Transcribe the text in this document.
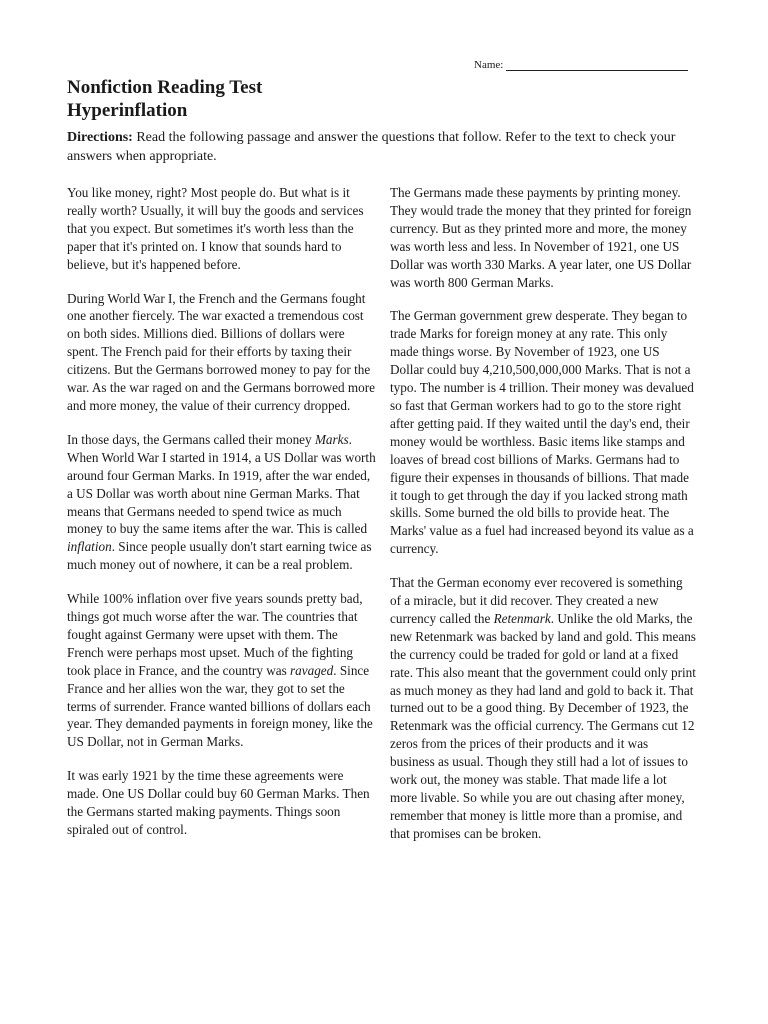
Name:
Nonfiction Reading Test
Hyperinflation

Directions: Read the following passage and answer the questions that follow. Refer to the text to check your answers when appropriate.

You like money, right? Most people do. But what is it really worth? Usually, it will buy the goods and services that you expect. But sometimes it's worth less than the paper that it's printed on. I know that sounds hard to believe, but it's happened before.

During World War I, the French and the Germans fought one another fiercely. The war exacted a tremendous cost on both sides. Millions died. Billions of dollars were spent. The French paid for their efforts by taxing their citizens. But the Germans borrowed money to pay for the war. As the war raged on and the Germans borrowed more and more money, the value of their currency dropped.

In those days, the Germans called their money Marks. When World War I started in 1914, a US Dollar was worth around four German Marks. In 1919, after the war ended, a US Dollar was worth about nine German Marks. That means that Germans needed to spend twice as much money to buy the same items after the war. This is called inflation. Since people usually don't start earning twice as much money out of nowhere, it can be a real problem.

While 100% inflation over five years sounds pretty bad, things got much worse after the war. The countries that fought against Germany were upset with them. The French were perhaps most upset. Much of the fighting took place in France, and the country was ravaged. Since France and her allies won the war, they got to set the terms of surrender. France wanted billions of dollars each year. They demanded payments in foreign money, like the US Dollar, not in German Marks.

It was early 1921 by the time these agreements were made. One US Dollar could buy 60 German Marks. Then the Germans started making payments. Things soon spiraled out of control.

The Germans made these payments by printing money. They would trade the money that they printed for foreign currency. But as they printed more and more, the money was worth less and less. In November of 1921, one US Dollar was worth 330 Marks. A year later, one US Dollar was worth 800 German Marks.

The German government grew desperate. They began to trade Marks for foreign money at any rate. This only made things worse. By November of 1923, one US Dollar could buy 4,210,500,000,000 Marks. That is not a typo. The number is 4 trillion. Their money was devalued so fast that German workers had to go to the store right after getting paid. If they waited until the day's end, their money would be worthless. Basic items like stamps and loaves of bread cost billions of Marks. Germans had to figure their expenses in thousands of billions. That made it tough to get through the day if you lacked strong math skills. Some burned the old bills to provide heat. The Marks' value as a fuel had increased beyond its value as a currency.

That the German economy ever recovered is something of a miracle, but it did recover. They created a new currency called the Retenmark. Unlike the old Marks, the new Retenmark was backed by land and gold. This means the currency could be traded for gold or land at a fixed rate. This also meant that the government could only print as much money as they had land and gold to back it. That turned out to be a good thing. By December of 1923, the Retenmark was the official currency. The Germans cut 12 zeros from the prices of their products and it was business as usual. Though they still had a lot of issues to work out, the money was stable. That made life a lot more livable. So while you are out chasing after money, remember that money is little more than a promise, and that promises can be broken.
